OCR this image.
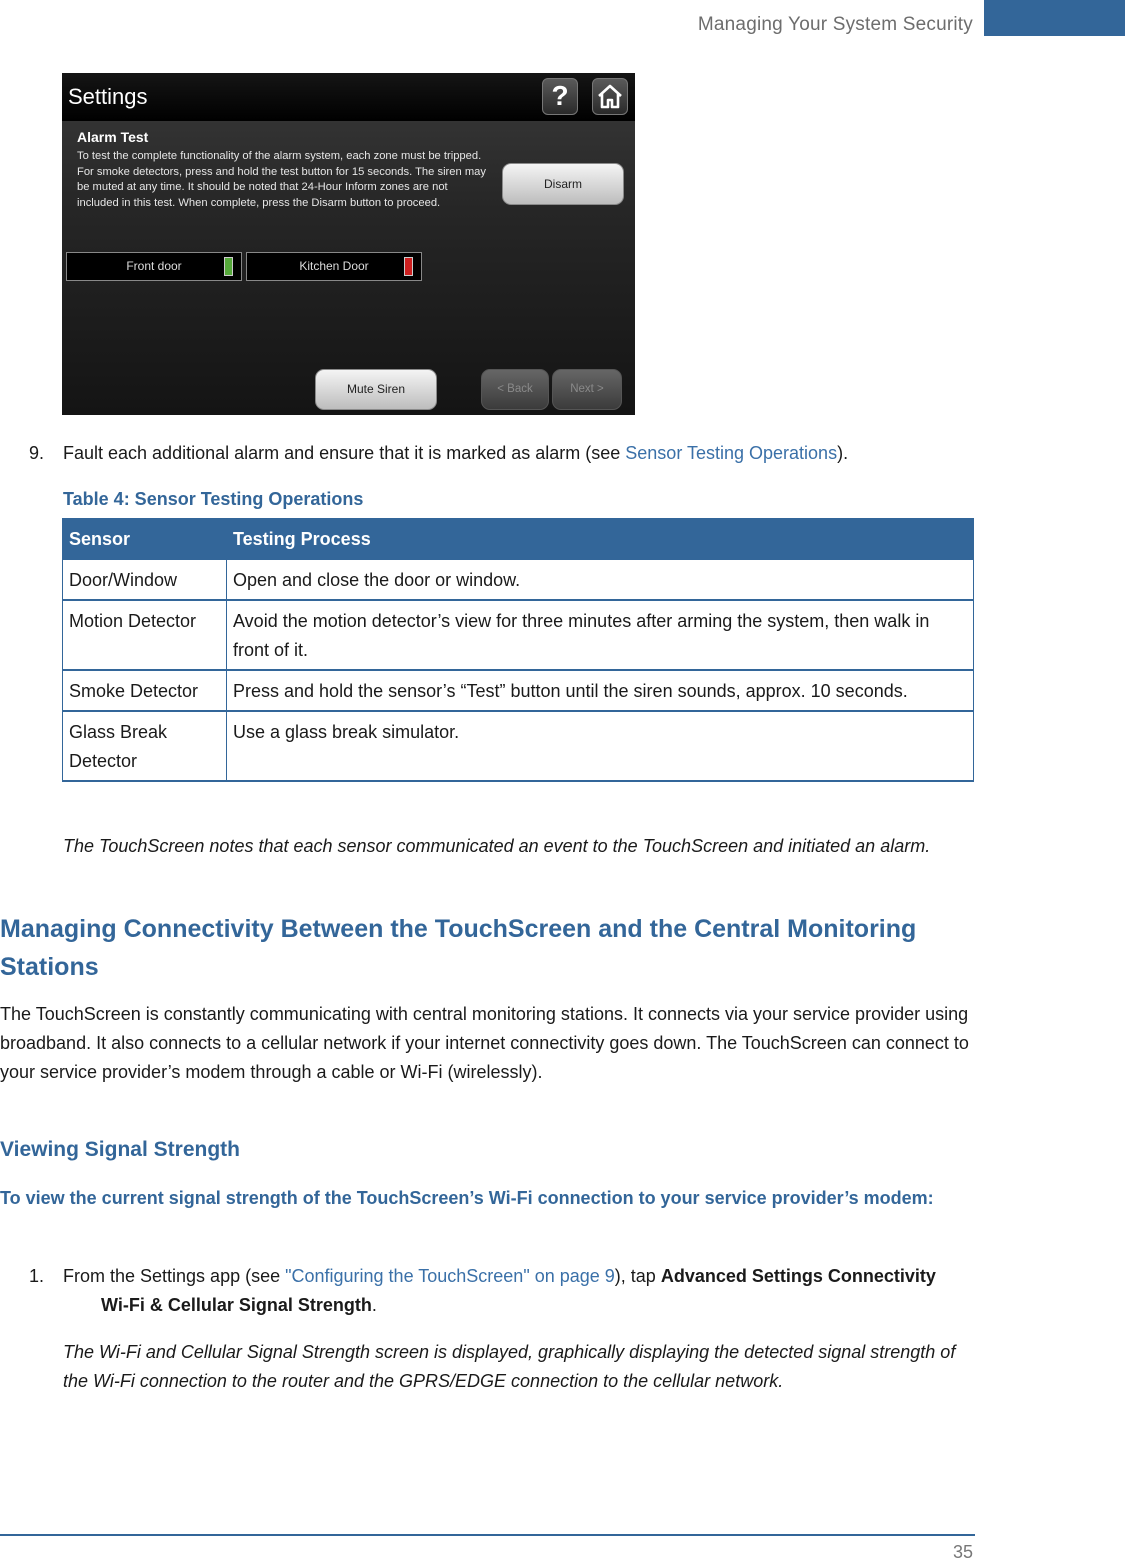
Managing Your System Security
Settings	?
Alarm Test
To test the complete functionality of the alarm system, each zone must be tripped. For smoke detectors, press and hold the test button for 15 seconds. The siren may be muted at any time. It should be noted that 24-Hour Inform zones are not included in this test. When complete, press the Disarm button to proceed.
Disarm
Front door	Kitchen Door
Mute Siren	< Back	Next >
9. Fault each additional alarm and ensure that it is marked as alarm (see Sensor Testing Operations).
Table 4: Sensor Testing Operations
Sensor	Testing Process
Door/Window	Open and close the door or window.
Motion Detector	Avoid the motion detector’s view for three minutes after arming the system, then walk in front of it.
Smoke Detector	Press and hold the sensor’s “Test” button until the siren sounds, approx. 10 seconds.
Glass Break Detector	Use a glass break simulator.
The TouchScreen notes that each sensor communicated an event to the TouchScreen and initiated an alarm.
Managing Connectivity Between the TouchScreen and the Central Monitoring Stations
The TouchScreen is constantly communicating with central monitoring stations. It connects via your service provider using broadband. It also connects to a cellular network if your internet connectivity goes down. The TouchScreen can connect to your service provider’s modem through a cable or Wi-Fi (wirelessly).
Viewing Signal Strength
To view the current signal strength of the TouchScreen’s Wi-Fi connection to your service provider’s modem:
1. From the Settings app (see "Configuring the TouchScreen" on page 9), tap Advanced Settings ConnectivityWi-Fi & Cellular Signal Strength.
The Wi-Fi and Cellular Signal Strength screen is displayed, graphically displaying the detected signal strength of the Wi-Fi connection to the router and the GPRS/EDGE connection to the cellular network.
35
